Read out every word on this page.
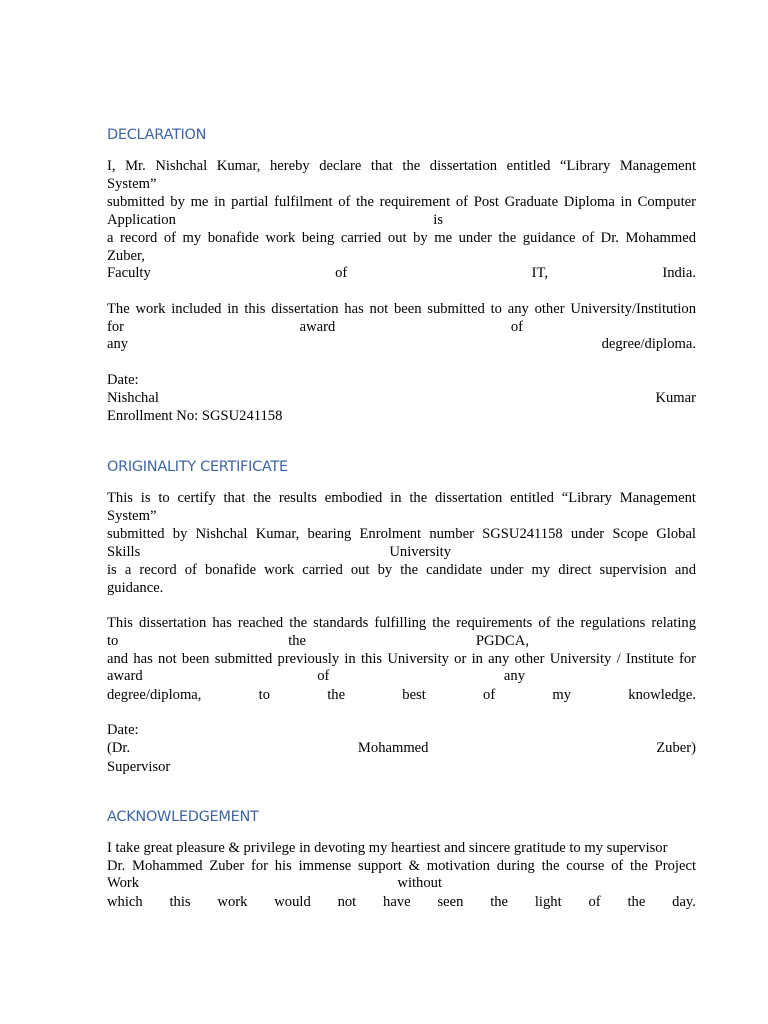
DECLARATION
I, Mr. Nishchal Kumar, hereby declare that the dissertation entitled “Library Management
System”
submitted by me in partial fulfilment of the requirement of Post Graduate Diploma in Computer
Application	is
a record of my bonafide work being carried out by me under the guidance of Dr. Mohammed
Zuber,
Faculty	of	IT,	India.
The work included in this dissertation has not been submitted to any other University/Institution
for	award	of
any	degree/diploma.
Date:
Nishchal	Kumar
Enrollment No: SGSU241158
ORIGINALITY CERTIFICATE
This is to certify that the results embodied in the dissertation entitled “Library Management
System”
submitted by Nishchal Kumar, bearing Enrolment number SGSU241158 under Scope Global
Skills	University
is a record of bonafide work carried out by the candidate under my direct supervision and
guidance.
This dissertation has reached the standards fulfilling the requirements of the regulations relating
to	the	PGDCA,
and has not been submitted previously in this University or in any other University / Institute for
award	of	any
degree/diploma,	to	the	best	of	my	knowledge.
Date:
(Dr.	Mohammed	Zuber)
Supervisor
ACKNOWLEDGEMENT
I take great pleasure & privilege in devoting my heartiest and sincere gratitude to my supervisor
Dr. Mohammed Zuber for his immense support & motivation during the course of the Project
Work	without
which this work would not have seen the light of the day.
